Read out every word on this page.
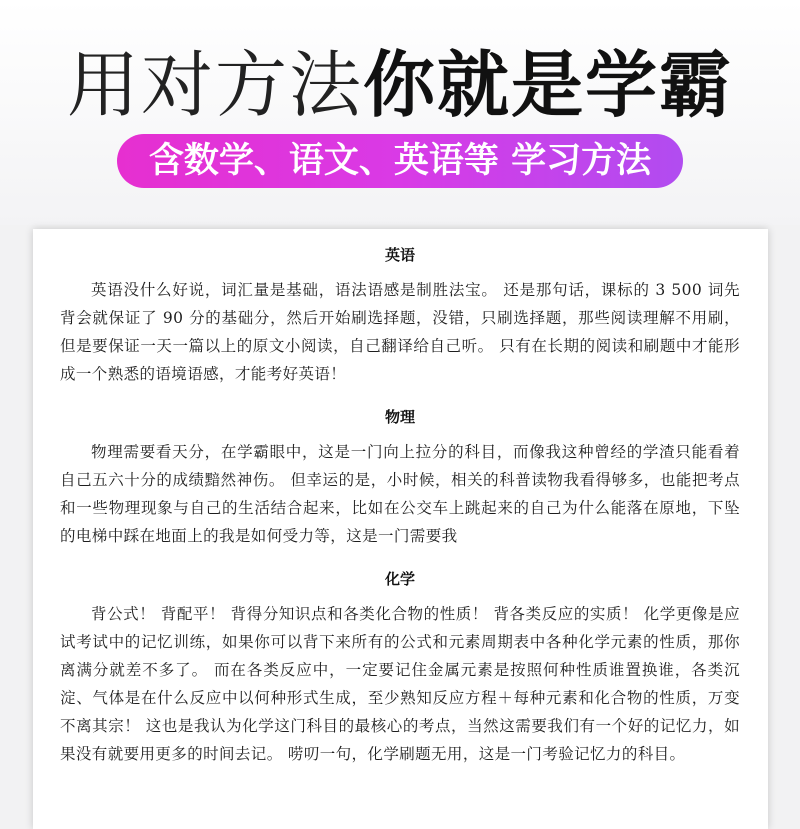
用对方法你就是学霸
含数学、语文、英语等 学习方法
英语

英语没什么好说，词汇量是基础，语法语感是制胜法宝。 还是那句话，课标的 3 500 词先背会就保证了 90 分的基础分，然后开始刷选择题，没错，只刷选择题，那些阅读理解不用刷，但是要保证一天一篇以上的原文小阅读，自己翻译给自己听。 只有在长期的阅读和刷题中才能形成一个熟悉的语境语感，才能考好英语！

物理

物理需要看天分，在学霸眼中，这是一门向上拉分的科目，而像我这种曾经的学渣只能看着自己五六十分的成绩黯然神伤。 但幸运的是，小时候，相关的科普读物我看得够多，也能把考点和一些物理现象与自己的生活结合起来，比如在公交车上跳起来的自己为什么能落在原地，下坠的电梯中踩在地面上的我是如何受力等，这是一门需要我

化学

背公式！ 背配平！ 背得分知识点和各类化合物的性质！ 背各类反应的实质！ 化学更像是应试考试中的记忆训练，如果你可以背下来所有的公式和元素周期表中各种化学元素的性质，那你离满分就差不多了。 而在各类反应中，一定要记住金属元素是按照何种性质谁置换谁，各类沉淀、气体是在什么反应中以何种形式生成，至少熟知反应方程＋每种元素和化合物的性质，万变不离其宗！ 这也是我认为化学这门科目的最核心的考点，当然这需要我们有一个好的记忆力，如果没有就要用更多的时间去记。 唠叨一句，化学刷题无用，这是一门考验记忆力的科目。
